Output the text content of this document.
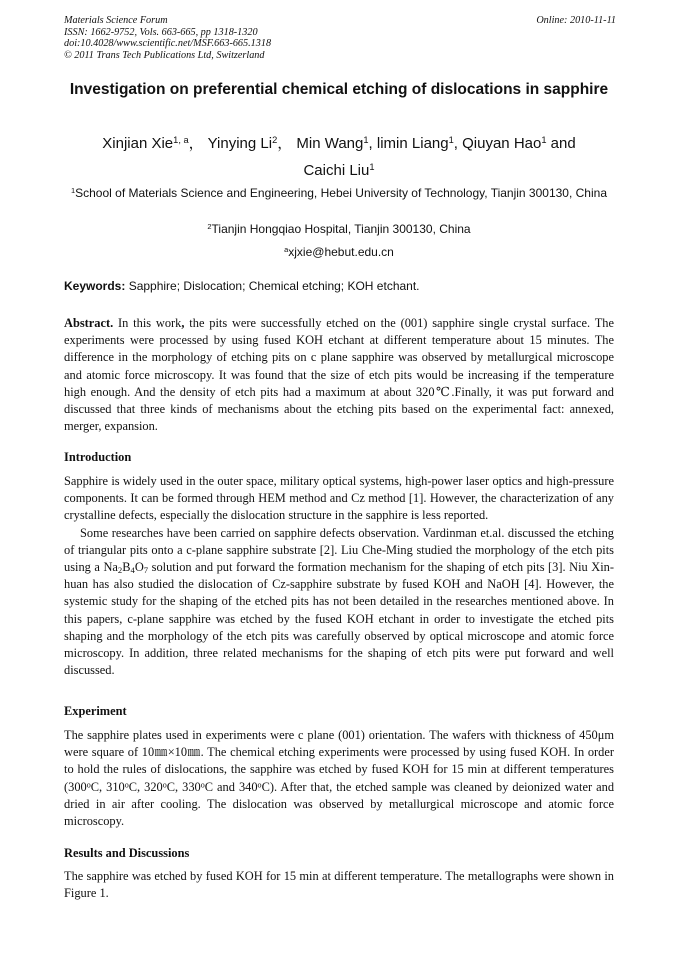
Materials Science Forum
ISSN: 1662-9752, Vols. 663-665, pp 1318-1320
doi:10.4028/www.scientific.net/MSF.663-665.1318
© 2011 Trans Tech Publications Ltd, Switzerland
Online: 2010-11-11
Investigation on preferential chemical etching of dislocations in sapphire
Xinjian Xie$^{1, a}$， Yinying Li$^2$， Min Wang$^1$, limin Liang$^1$, Qiuyan Hao$^1$ and
Caichi Liu$^1$
$^1$School of Materials Science and Engineering, Hebei University of Technology, Tianjin 300130, China
$^2$Tianjin Hongqiao Hospital, Tianjin 300130, China
$^a$xjxie@hebut.edu.cn
Keywords: Sapphire; Dislocation; Chemical etching; KOH etchant.
Abstract. In this work, the pits were successfully etched on the (001) sapphire single crystal surface. The experiments were processed by using fused KOH etchant at different temperature about 15 minutes. The difference in the morphology of etching pits on c plane sapphire was observed by metallurgical microscope and atomic force microscopy. It was found that the size of etch pits would be increasing if the temperature high enough. And the density of etch pits had a maximum at about 320℃.Finally, it was put forward and discussed that three kinds of mechanisms about the etching pits based on the experimental fact: annexed, merger, expansion.
Introduction

Sapphire is widely used in the outer space, military optical systems, high-power laser optics and high-pressure components. It can be formed through HEM method and Cz method [1]. However, the characterization of any crystalline defects, especially the dislocation structure in the sapphire is less reported.

Some researches have been carried on sapphire defects observation. Vardinman et.al. discussed the etching of triangular pits onto a c-plane sapphire substrate [2]. Liu Che-Ming studied the morphology of the etch pits using a $Na_2B_4O_7$ solution and put forward the formation mechanism for the shaping of etch pits [3]. Niu Xin-huan has also studied the dislocation of Cz-sapphire substrate by fused KOH and NaOH [4]. However, the systemic study for the shaping of the etched pits has not been detailed in the researches mentioned above. In this papers, c-plane sapphire was etched by the fused KOH etchant in order to investigate the etched pits shaping and the morphology of the etch pits was carefully observed by optical microscope and atomic force microscopy. In addition, three related mechanisms for the shaping of etch pits were put forward and well discussed.

Experiment
The sapphire plates used in experiments were c plane (001) orientation. The wafers with thickness of 450μm were square of 10㎜×10㎜. The chemical etching experiments were processed by using fused KOH. In order to hold the rules of dislocations, the sapphire was etched by fused KOH for 15 min at different temperatures (300$^o$C, 310$^o$C, 320$^o$C, 330$^o$C and 340$^o$C). After that, the etched sample was cleaned by deionized water and dried in air after cooling. The dislocation was observed by metallurgical microscope and atomic force microscopy.
Results and Discussions
The sapphire was etched by fused KOH for 15 min at different temperature. The metallographs were shown in Figure 1.
